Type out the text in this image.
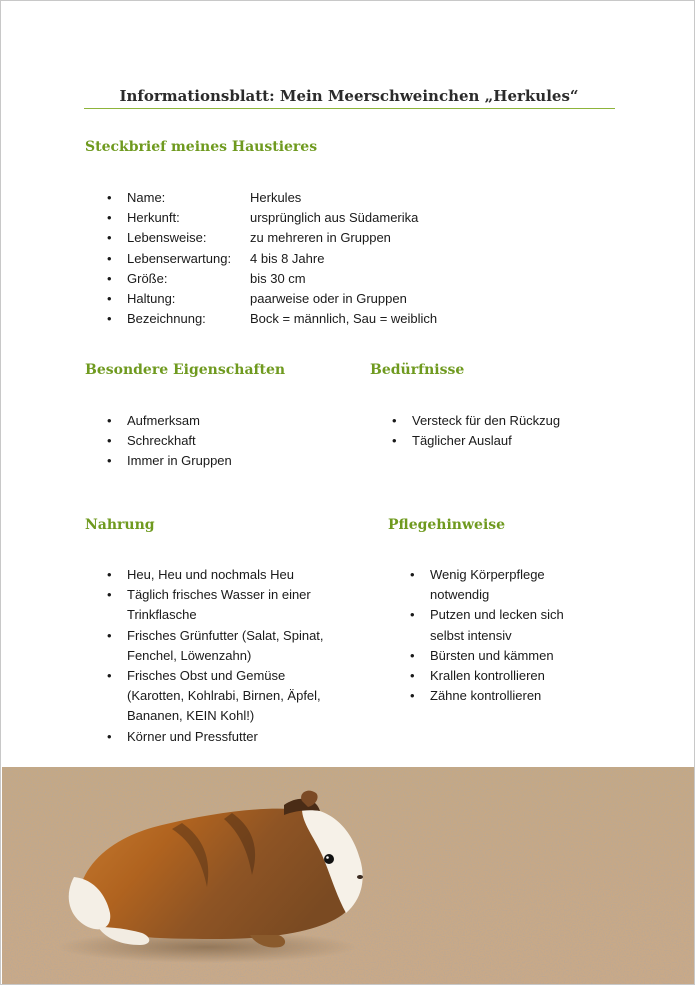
Informationsblatt: Mein Meerschweinchen „Herkules“
Steckbrief meines Haustieres
• Name:	Herkules
• Herkunft:	ursprünglich aus Südamerika
• Lebensweise:	zu mehreren in Gruppen
• Lebenserwartung: 4 bis 8 Jahre
• Größe:	bis 30 cm
• Haltung:	paarweise oder in Gruppen
• Bezeichnung:	Bock = männlich, Sau = weiblich
Besondere Eigenschaften
• Aufmerksam
• Schreckhaft
• Immer in Gruppen
Bedürfnisse
• Versteck für den Rückzug
• Täglicher Auslauf
Nahrung
• Heu, Heu und nochmals Heu
• Täglich frisches Wasser in einer Trinkflasche
• Frisches Grünfutter (Salat, Spinat, Fenchel, Löwenzahn)
• Frisches Obst und Gemüse (Karotten, Kohlrabi, Birnen, Äpfel, Bananen, KEIN Kohl!)
• Körner und Pressfutter
Pflegehinweise
• Wenig Körperpflege notwendig
• Putzen und lecken sich selbst intensiv
• Bürsten und kämmen
• Krallen kontrollieren
• Zähne kontrollieren
